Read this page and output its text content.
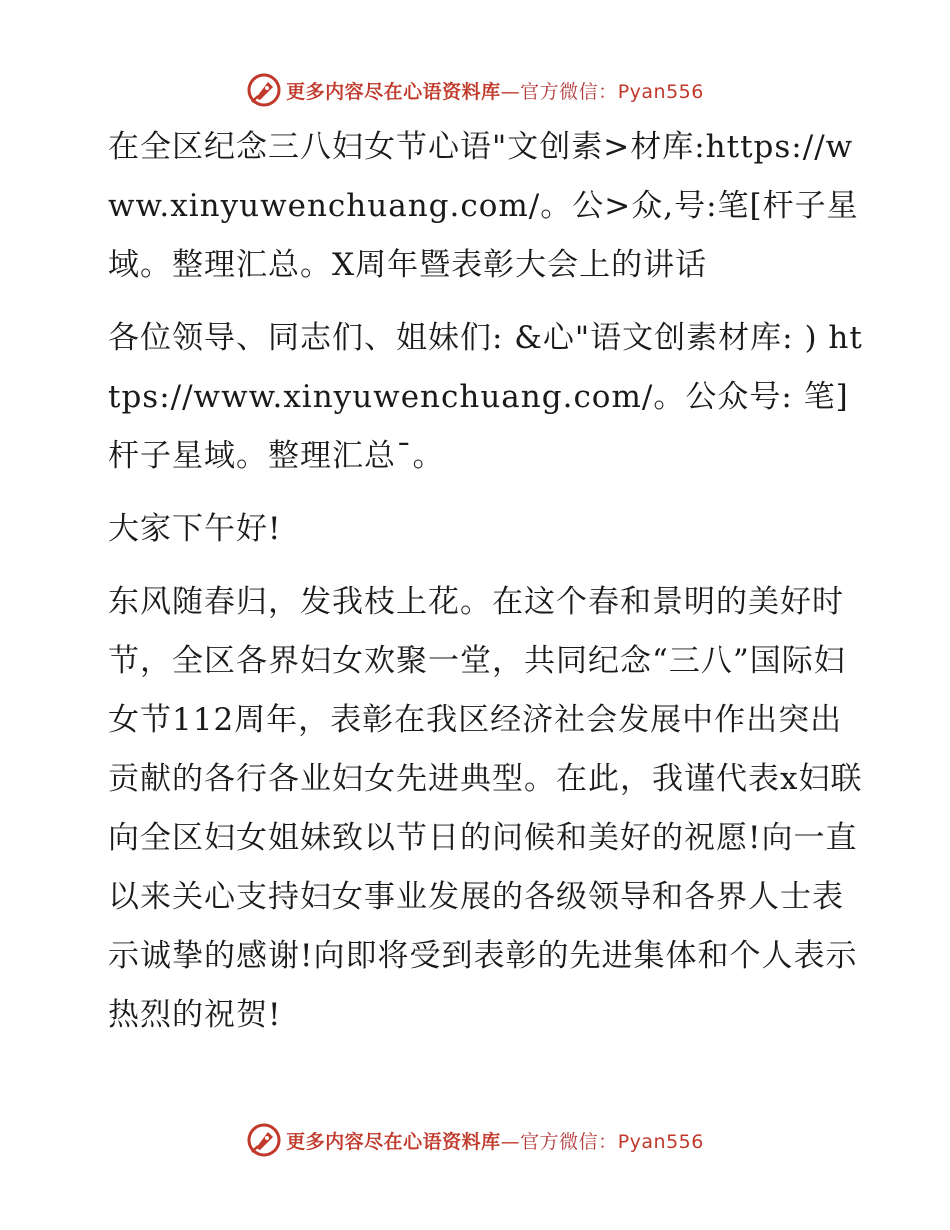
更多内容尽在心语资料库—官方微信：Pyan556

在全区纪念三八妇女节心语"文创素>材库:https://www.xinyuwenchuang.com/。公>众,号:笔[杆子星域。整理汇总。X周年暨表彰大会上的讲话

各位领导、同志们、姐妹们: &心"语文创素材库: ) https://www.xinyuwenchuang.com/。公众号: 笔]杆子星域。整理汇总¯。

大家下午好!

东风随春归，发我枝上花。在这个春和景明的美好时节，全区各界妇女欢聚一堂，共同纪念“三八”国际妇女节112周年，表彰在我区经济社会发展中作出突出贡献的各行各业妇女先进典型。在此，我谨代表x妇联向全区妇女姐妹致以节日的问候和美好的祝愿!向一直以来关心支持妇女事业发展的各级领导和各界人士表示诚挚的感谢!向即将受到表彰的先进集体和个人表示热烈的祝贺!

更多内容尽在心语资料库—官方微信：Pyan556
